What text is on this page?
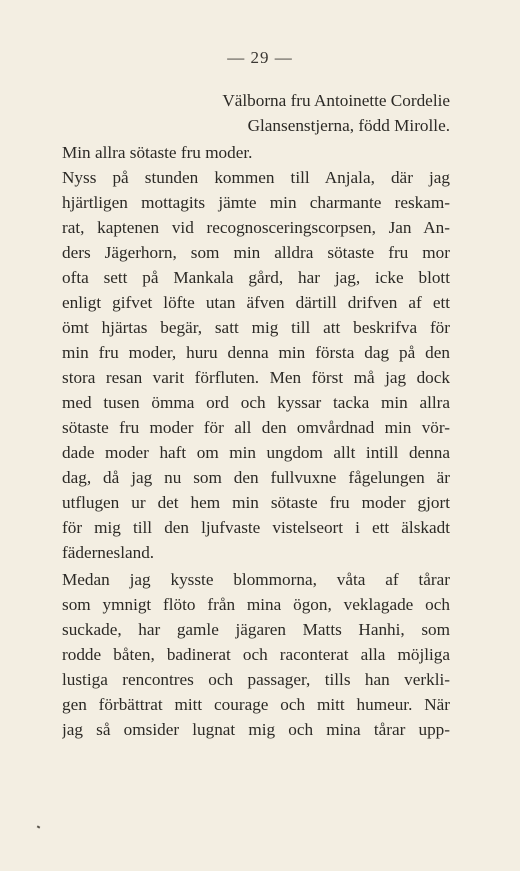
— 29 —
Välborna fru Antoinette Cordelie
Glansenstjerna, född Mirolle.
Min allra sötaste fru moder.
Nyss på stunden kommen till Anjala, där jag
hjärtligen mottagits jämte min charmante reskam-
rat, kaptenen vid recognosceringscorpsen, Jan An-
ders Jägerhorn, som min alldra sötaste fru mor
ofta sett på Mankala gård, har jag, icke blott
enligt gifvet löfte utan äfven därtill drifven af ett
ömt hjärtas begär, satt mig till att beskrifva för
min fru moder, huru denna min första dag på den
stora resan varit förfluten. Men först må jag dock
med tusen ömma ord och kyssar tacka min allra
sötaste fru moder för all den omvårdnad min vör-
dade moder haft om min ungdom allt intill denna
dag, då jag nu som den fullvuxne fågelungen är
utflugen ur det hem min sötaste fru moder gjort
för mig till den ljufvaste vistelseort i ett älskadt
fädernesland.
Medan jag kysste blommorna, våta af tårar
som ymnigt flöto från mina ögon, veklagade och
suckade, har gamle jägaren Matts Hanhi, som
rodde båten, badinerat och raconterat alla möjliga
lustiga rencontres och passager, tills han verkli-
gen förbättrat mitt courage och mitt humeur. När
jag så omsider lugnat mig och mina tårar upp-
